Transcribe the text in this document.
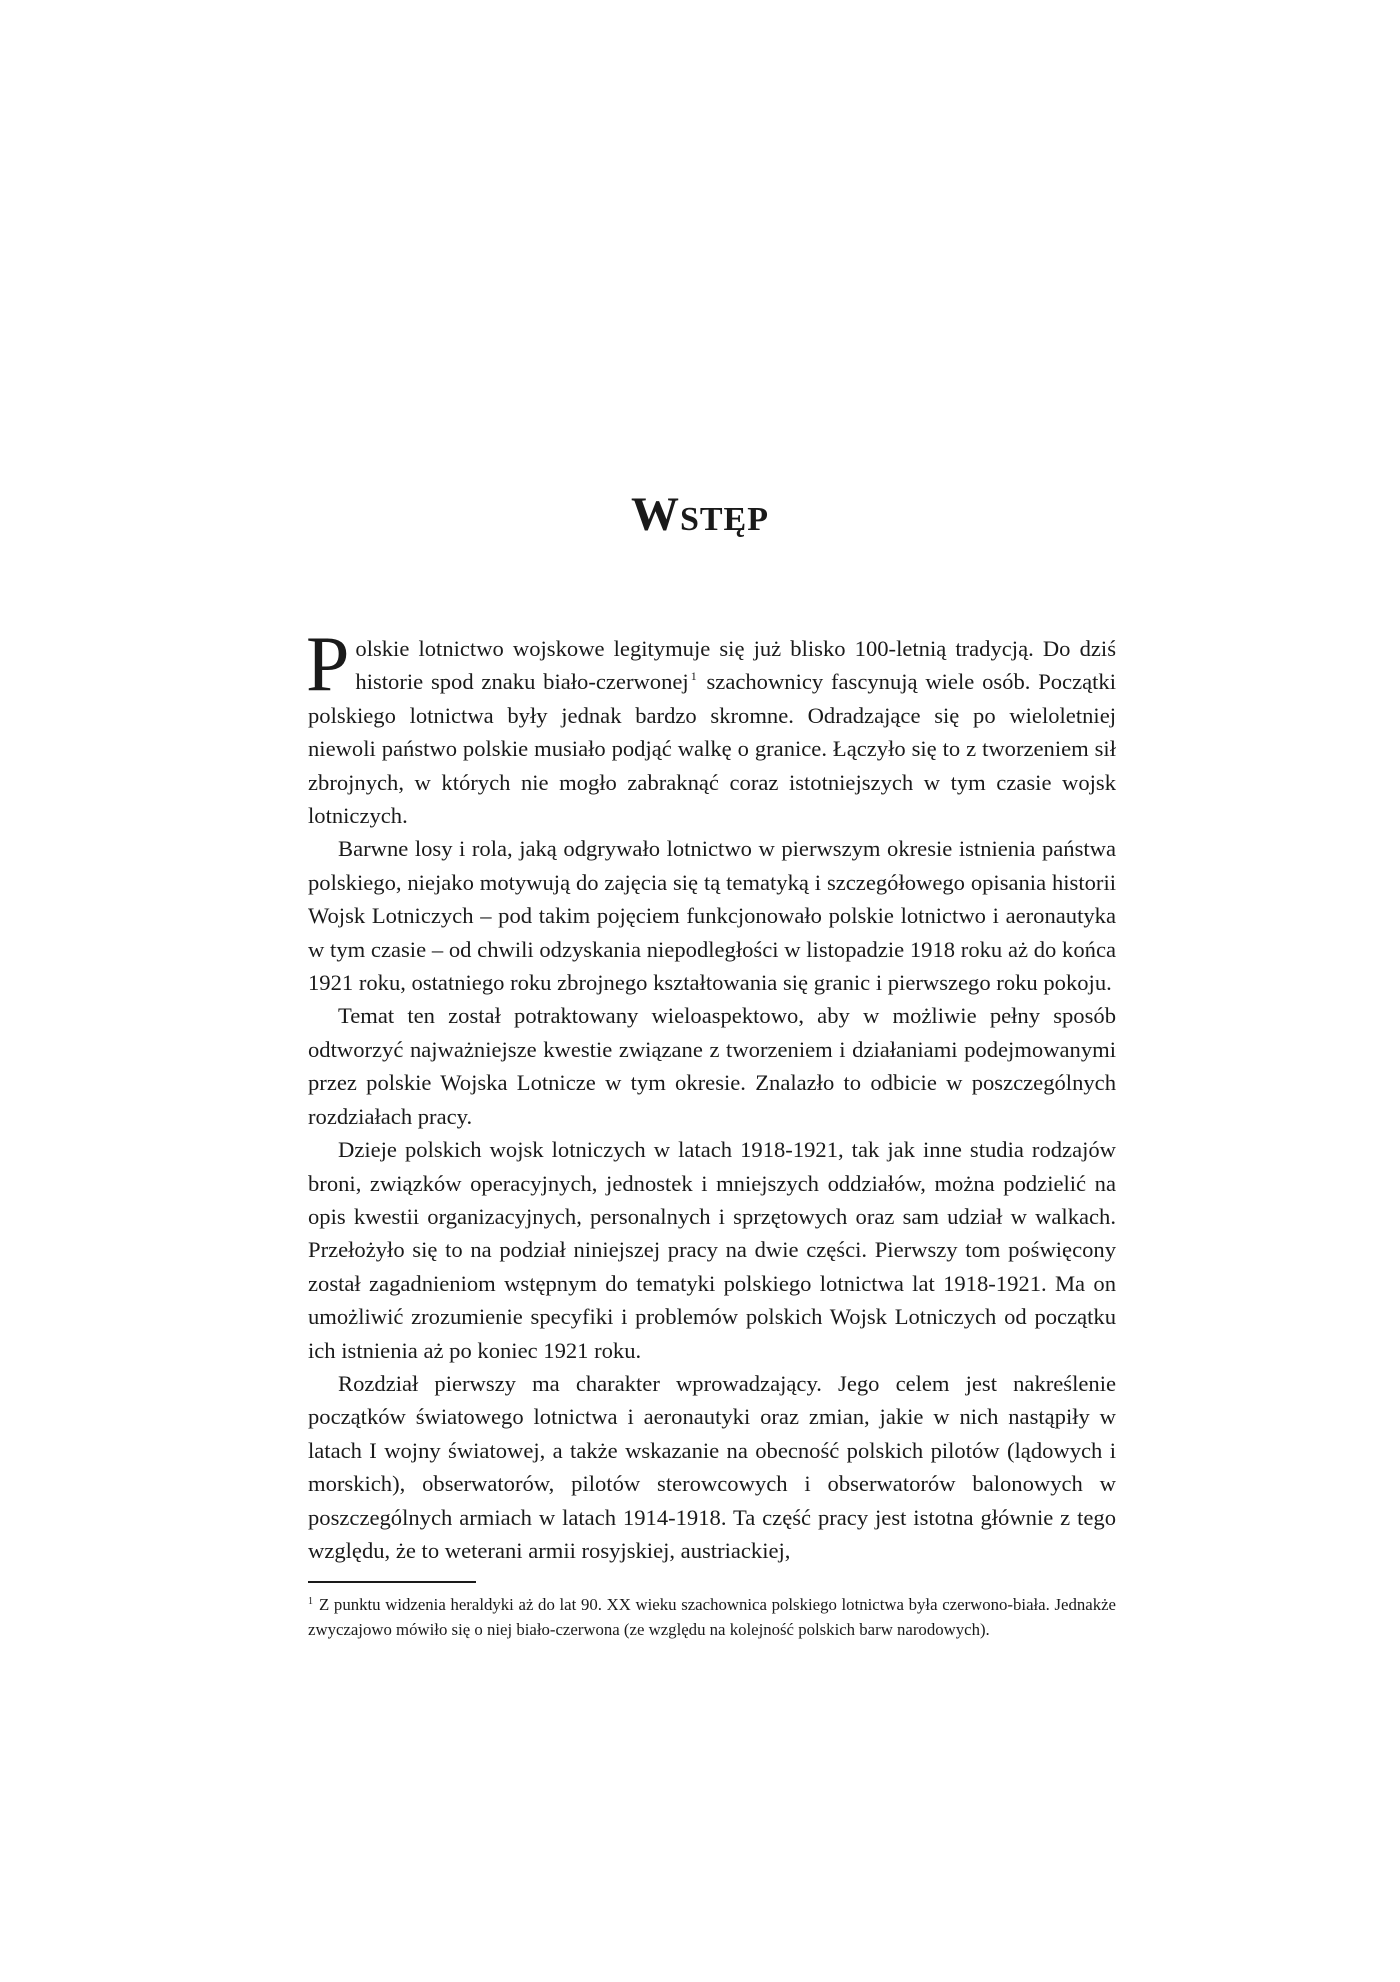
Wstęp

Polskie lotnictwo wojskowe legitymuje się już blisko 100-letnią tradycją. Do dziś historie spod znaku biało-czerwonej $^1$ szachownicy fascynują wiele osób. Początki polskiego lotnictwa były jednak bardzo skromne. Odradzające się po wieloletniej niewoli państwo polskie musiało podjąć walkę o granice. Łączyło się to z tworzeniem sił zbrojnych, w których nie mogło zabraknąć coraz istotniejszych w tym czasie wojsk lotniczych.

Barwne losy i rola, jaką odgrywało lotnictwo w pierwszym okresie istnienia państwa polskiego, niejako motywują do zajęcia się tą tematyką i szczegółowego opisania historii Wojsk Lotniczych – pod takim pojęciem funkcjonowało polskie lotnictwo i aeronautyka w tym czasie – od chwili odzyskania niepodległości w listopadzie 1918 roku aż do końca 1921 roku, ostatniego roku zbrojnego kształtowania się granic i pierwszego roku pokoju.

Temat ten został potraktowany wieloaspektowo, aby w możliwie pełny sposób odtworzyć najważniejsze kwestie związane z tworzeniem i działaniami podejmowanymi przez polskie Wojska Lotnicze w tym okresie. Znalazło to odbicie w poszczególnych rozdziałach pracy.

Dzieje polskich wojsk lotniczych w latach 1918-1921, tak jak inne studia rodzajów broni, związków operacyjnych, jednostek i mniejszych oddziałów, można podzielić na opis kwestii organizacyjnych, personalnych i sprzętowych oraz sam udział w walkach. Przełożyło się to na podział niniejszej pracy na dwie części. Pierwszy tom poświęcony został zagadnieniom wstępnym do tematyki polskiego lotnictwa lat 1918-1921. Ma on umożliwić zrozumienie specyfiki i problemów polskich Wojsk Lotniczych od początku ich istnienia aż po koniec 1921 roku.

Rozdział pierwszy ma charakter wprowadzający. Jego celem jest nakreślenie początków światowego lotnictwa i aeronautyki oraz zmian, jakie w nich nastąpiły w latach I wojny światowej, a także wskazanie na obecność polskich pilotów (lądowych i morskich), obserwatorów, pilotów sterowcowych i obserwatorów balonowych w poszczególnych armiach w latach 1914-1918. Ta część pracy jest istotna głównie z tego względu, że to weterani armii rosyjskiej, austriackiej,

$^1$ Z punktu widzenia heraldyki aż do lat 90. XX wieku szachownica polskiego lotnictwa była czerwono-biała. Jednakże zwyczajowo mówiło się o niej biało-czerwona (ze względu na kolejność polskich barw narodowych).
